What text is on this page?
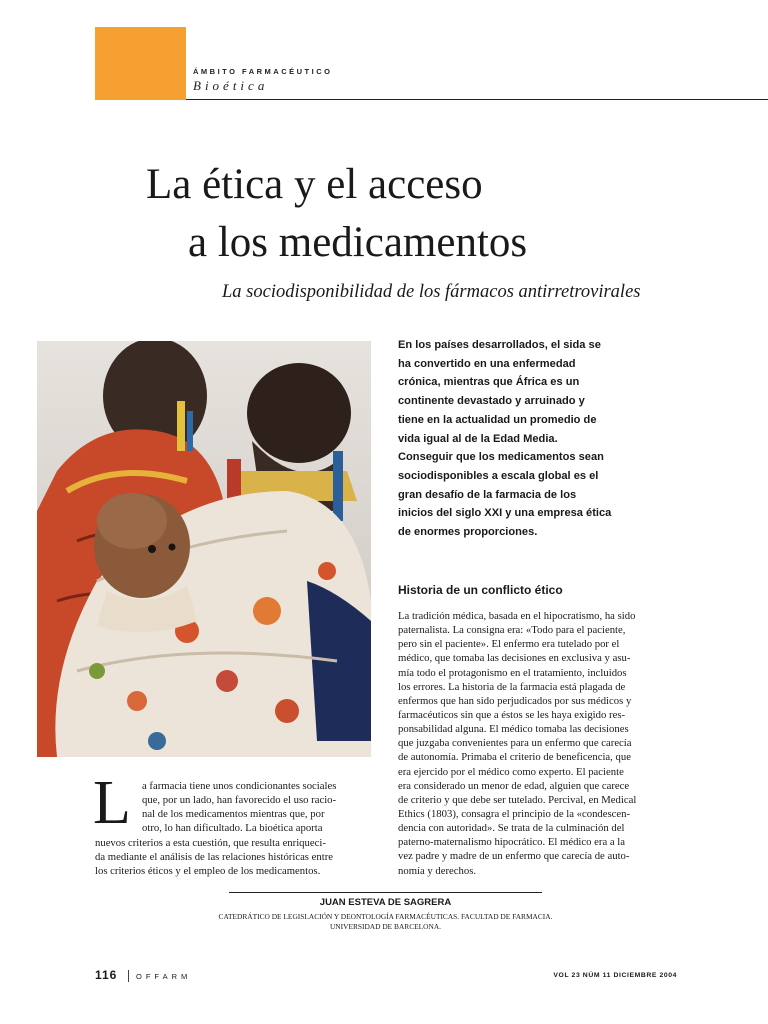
ÁMBITO FARMACÉUTICO
Bioética
La ética y el acceso
a los medicamentos
La sociodisponibilidad de los fármacos antirretrovirales

En los países desarrollados, el sida se ha convertido en una enfermedad crónica, mientras que África es un continente devastado y arruinado y tiene en la actualidad un promedio de vida igual al de la Edad Media. Conseguir que los medicamentos sean sociodisponibles a escala global es el gran desafío de la farmacia de los inicios del siglo XXI y una empresa ética de enormes proporciones.

Historia de un conflicto ético
La tradición médica, basada en el hipocratismo, ha sido
paternalista. La consigna era: «Todo para el paciente,
pero sin el paciente». El enfermo era tutelado por el
médico, que tomaba las decisiones en exclusiva y asu-
mía todo el protagonismo en el tratamiento, incluidos
los errores. La historia de la farmacia está plagada de
enfermos que han sido perjudicados por sus médicos y
farmacéuticos sin que a éstos se les haya exigido res-
ponsabilidad alguna. El médico tomaba las decisiones
que juzgaba convenientes para un enfermo que carecía
de autonomía. Primaba el criterio de beneficencia, que
era ejercido por el médico como experto. El paciente
era considerado un menor de edad, alguien que carece
de criterio y que debe ser tutelado. Percival, en Medical
Ethics (1803), consagra el principio de la «condescen-
dencia con autoridad». Se trata de la culminación del
paterno-maternalismo hipocrático. El médico era a la
vez padre y madre de un enfermo que carecía de auto-
nomía y derechos.
L	a farmacia tiene unos condicionantes sociales
que, por un lado, han favorecido el uso racio-
nal de los medicamentos mientras que, por
otro, lo han dificultado. La bioética aporta
nuevos criterios a esta cuestión, que resulta enriqueci-
da mediante el análisis de las relaciones históricas entre
los criterios éticos y el empleo de los medicamentos.
JUAN ESTEVA DE SAGRERA
CATEDRÁTICO DE LEGISLACIÓN Y DEONTOLOGÍA FARMACÉUTICAS. FACULTAD DE FARMACIA.
UNIVERSIDAD DE BARCELONA.
116 OFFARM	VOL 23 NÚM 11 DICIEMBRE 2004
